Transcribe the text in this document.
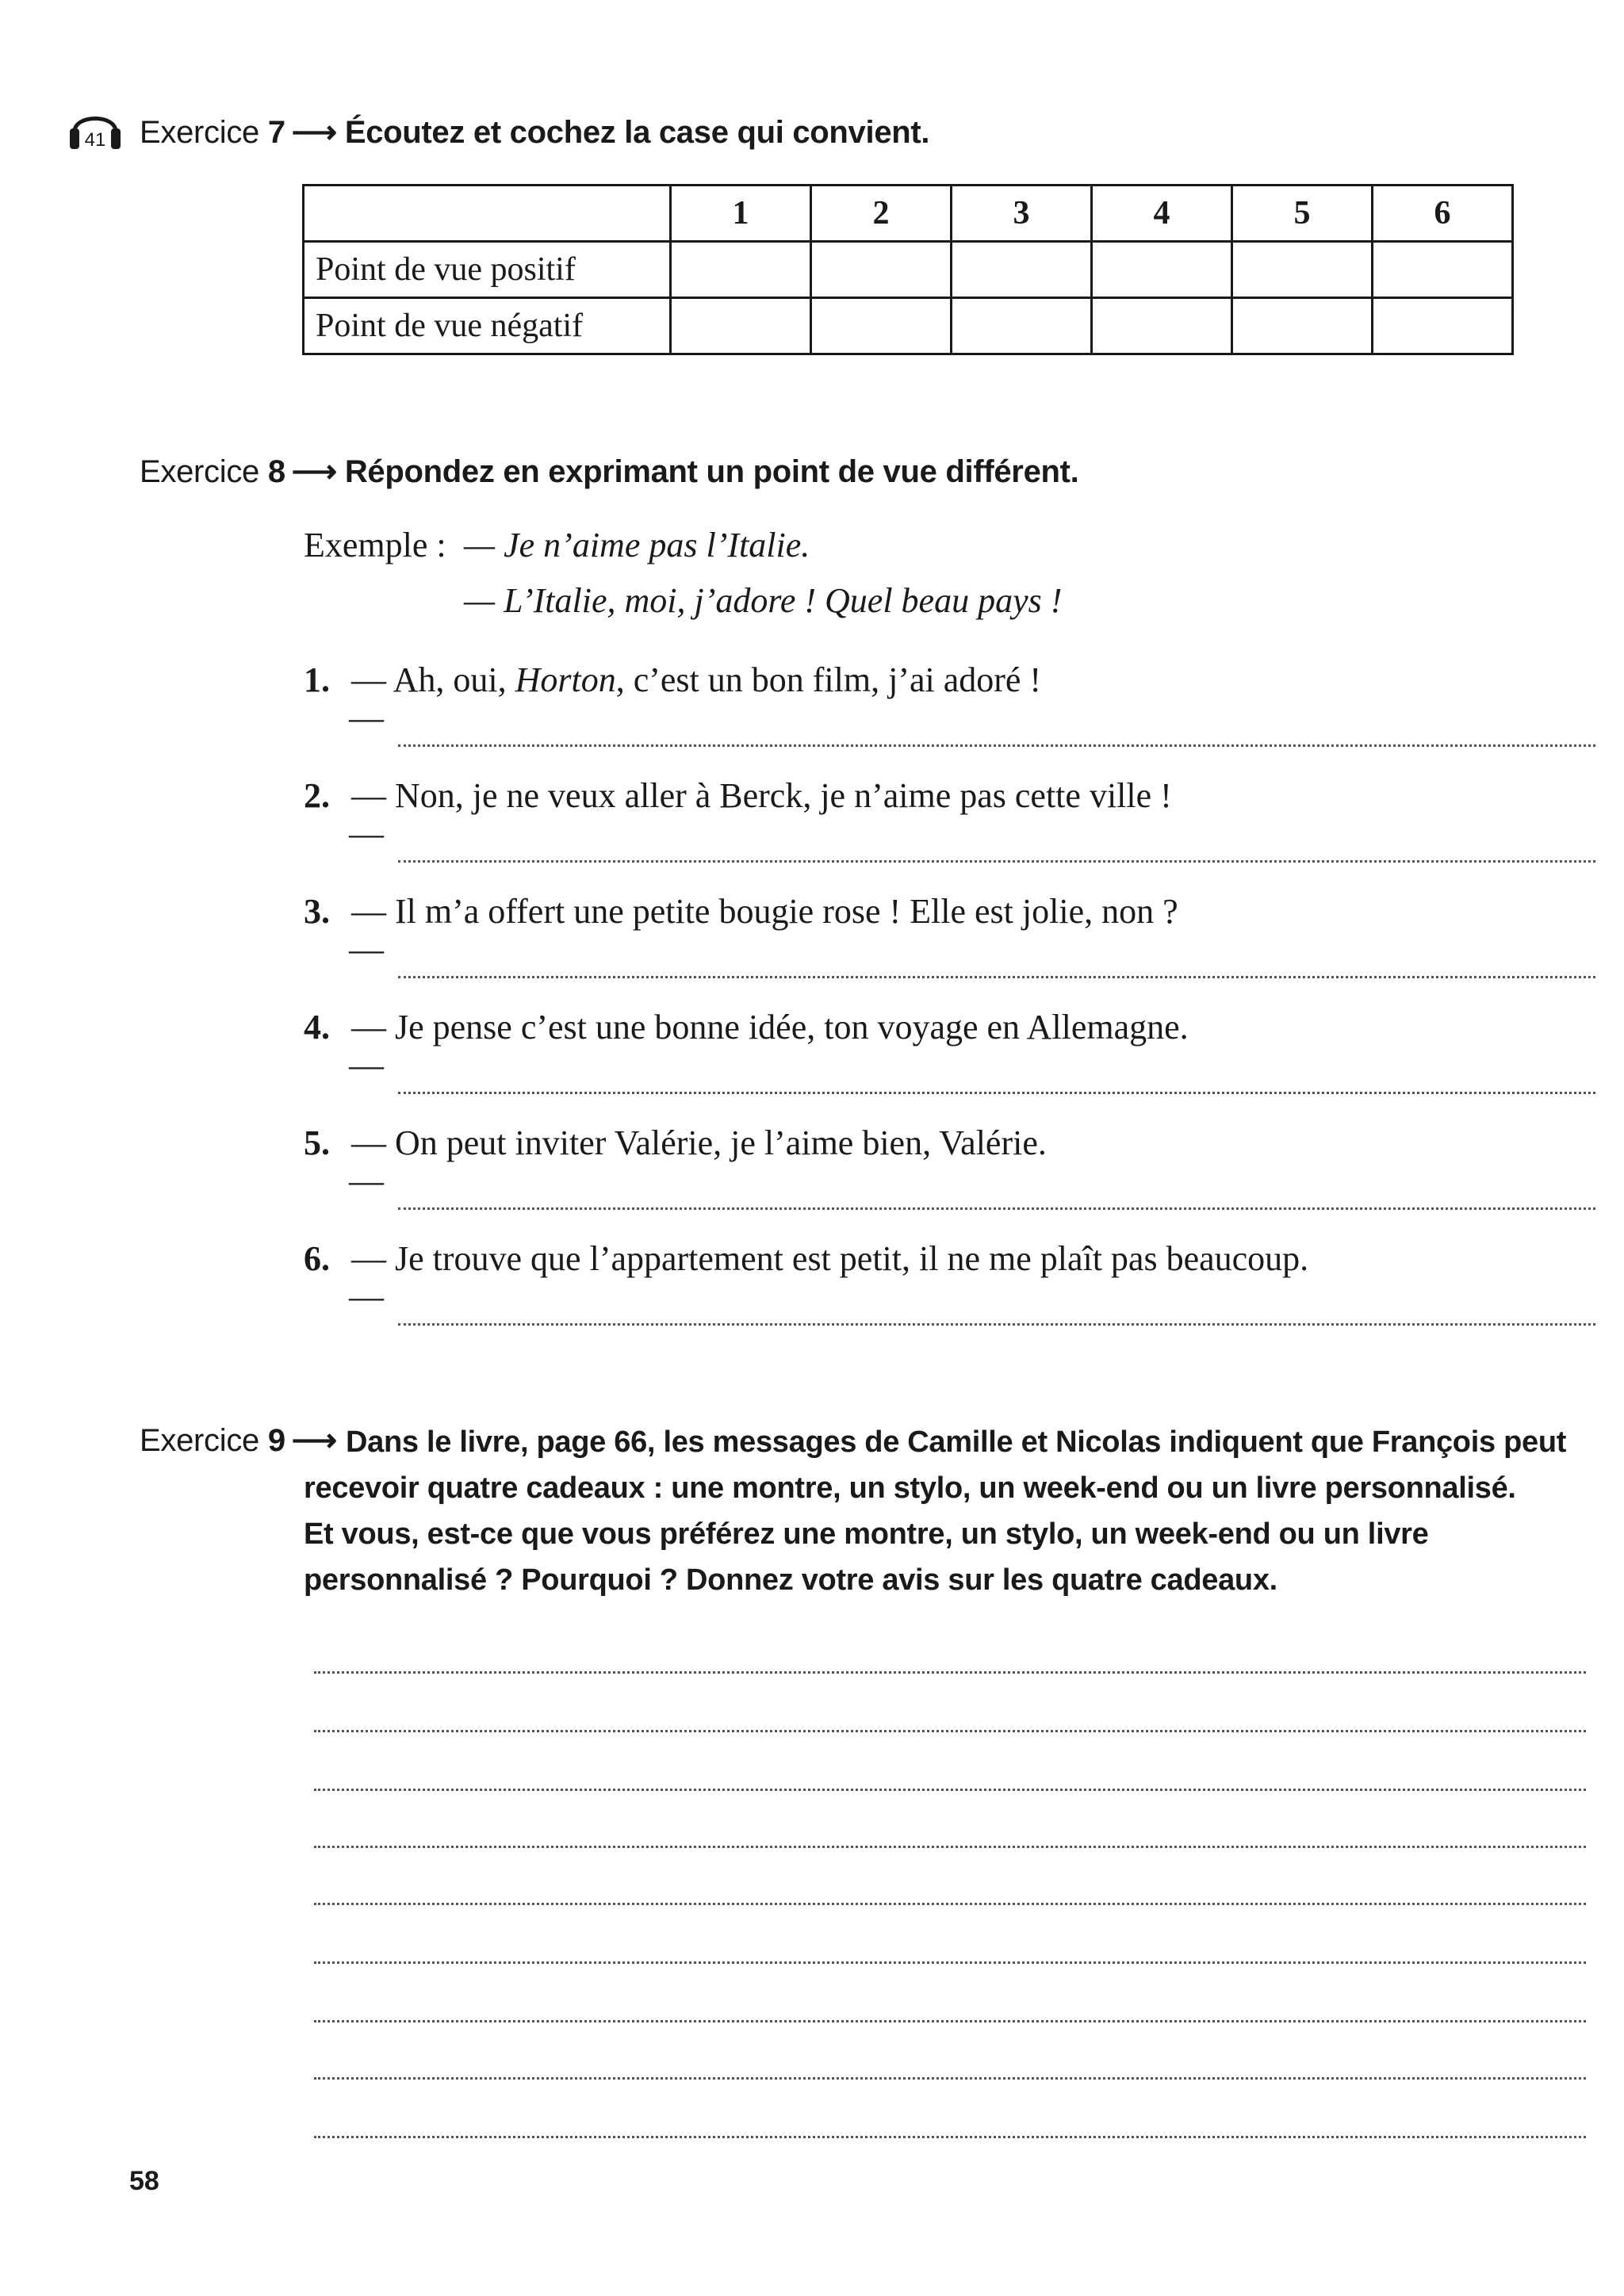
41 Exercice 7 ⟶ Écoutez et cochez la case qui convient.
	1	2	3	4	5	6
Point de vue positif						
Point de vue négatif						
Exercice 8 ⟶ Répondez en exprimant un point de vue différent.
Exemple : — Je n’aime pas l’Italie.
— L’Italie, moi, j’adore ! Quel beau pays !
1. — Ah, oui, Horton, c’est un bon film, j’ai adoré !
—
2. — Non, je ne veux aller à Berck, je n’aime pas cette ville !
—
3. — Il m’a offert une petite bougie rose ! Elle est jolie, non ?
—
4. — Je pense c’est une bonne idée, ton voyage en Allemagne.
—
5. — On peut inviter Valérie, je l’aime bien, Valérie.
—
6. — Je trouve que l’appartement est petit, il ne me plaît pas beaucoup.
—
Exercice 9 ⟶ Dans le livre, page 66, les messages de Camille et Nicolas indiquent que François peut
recevoir quatre cadeaux : une montre, un stylo, un week-end ou un livre personnalisé.
Et vous, est-ce que vous préférez une montre, un stylo, un week-end ou un livre
personnalisé ? Pourquoi ? Donnez votre avis sur les quatre cadeaux.
58
